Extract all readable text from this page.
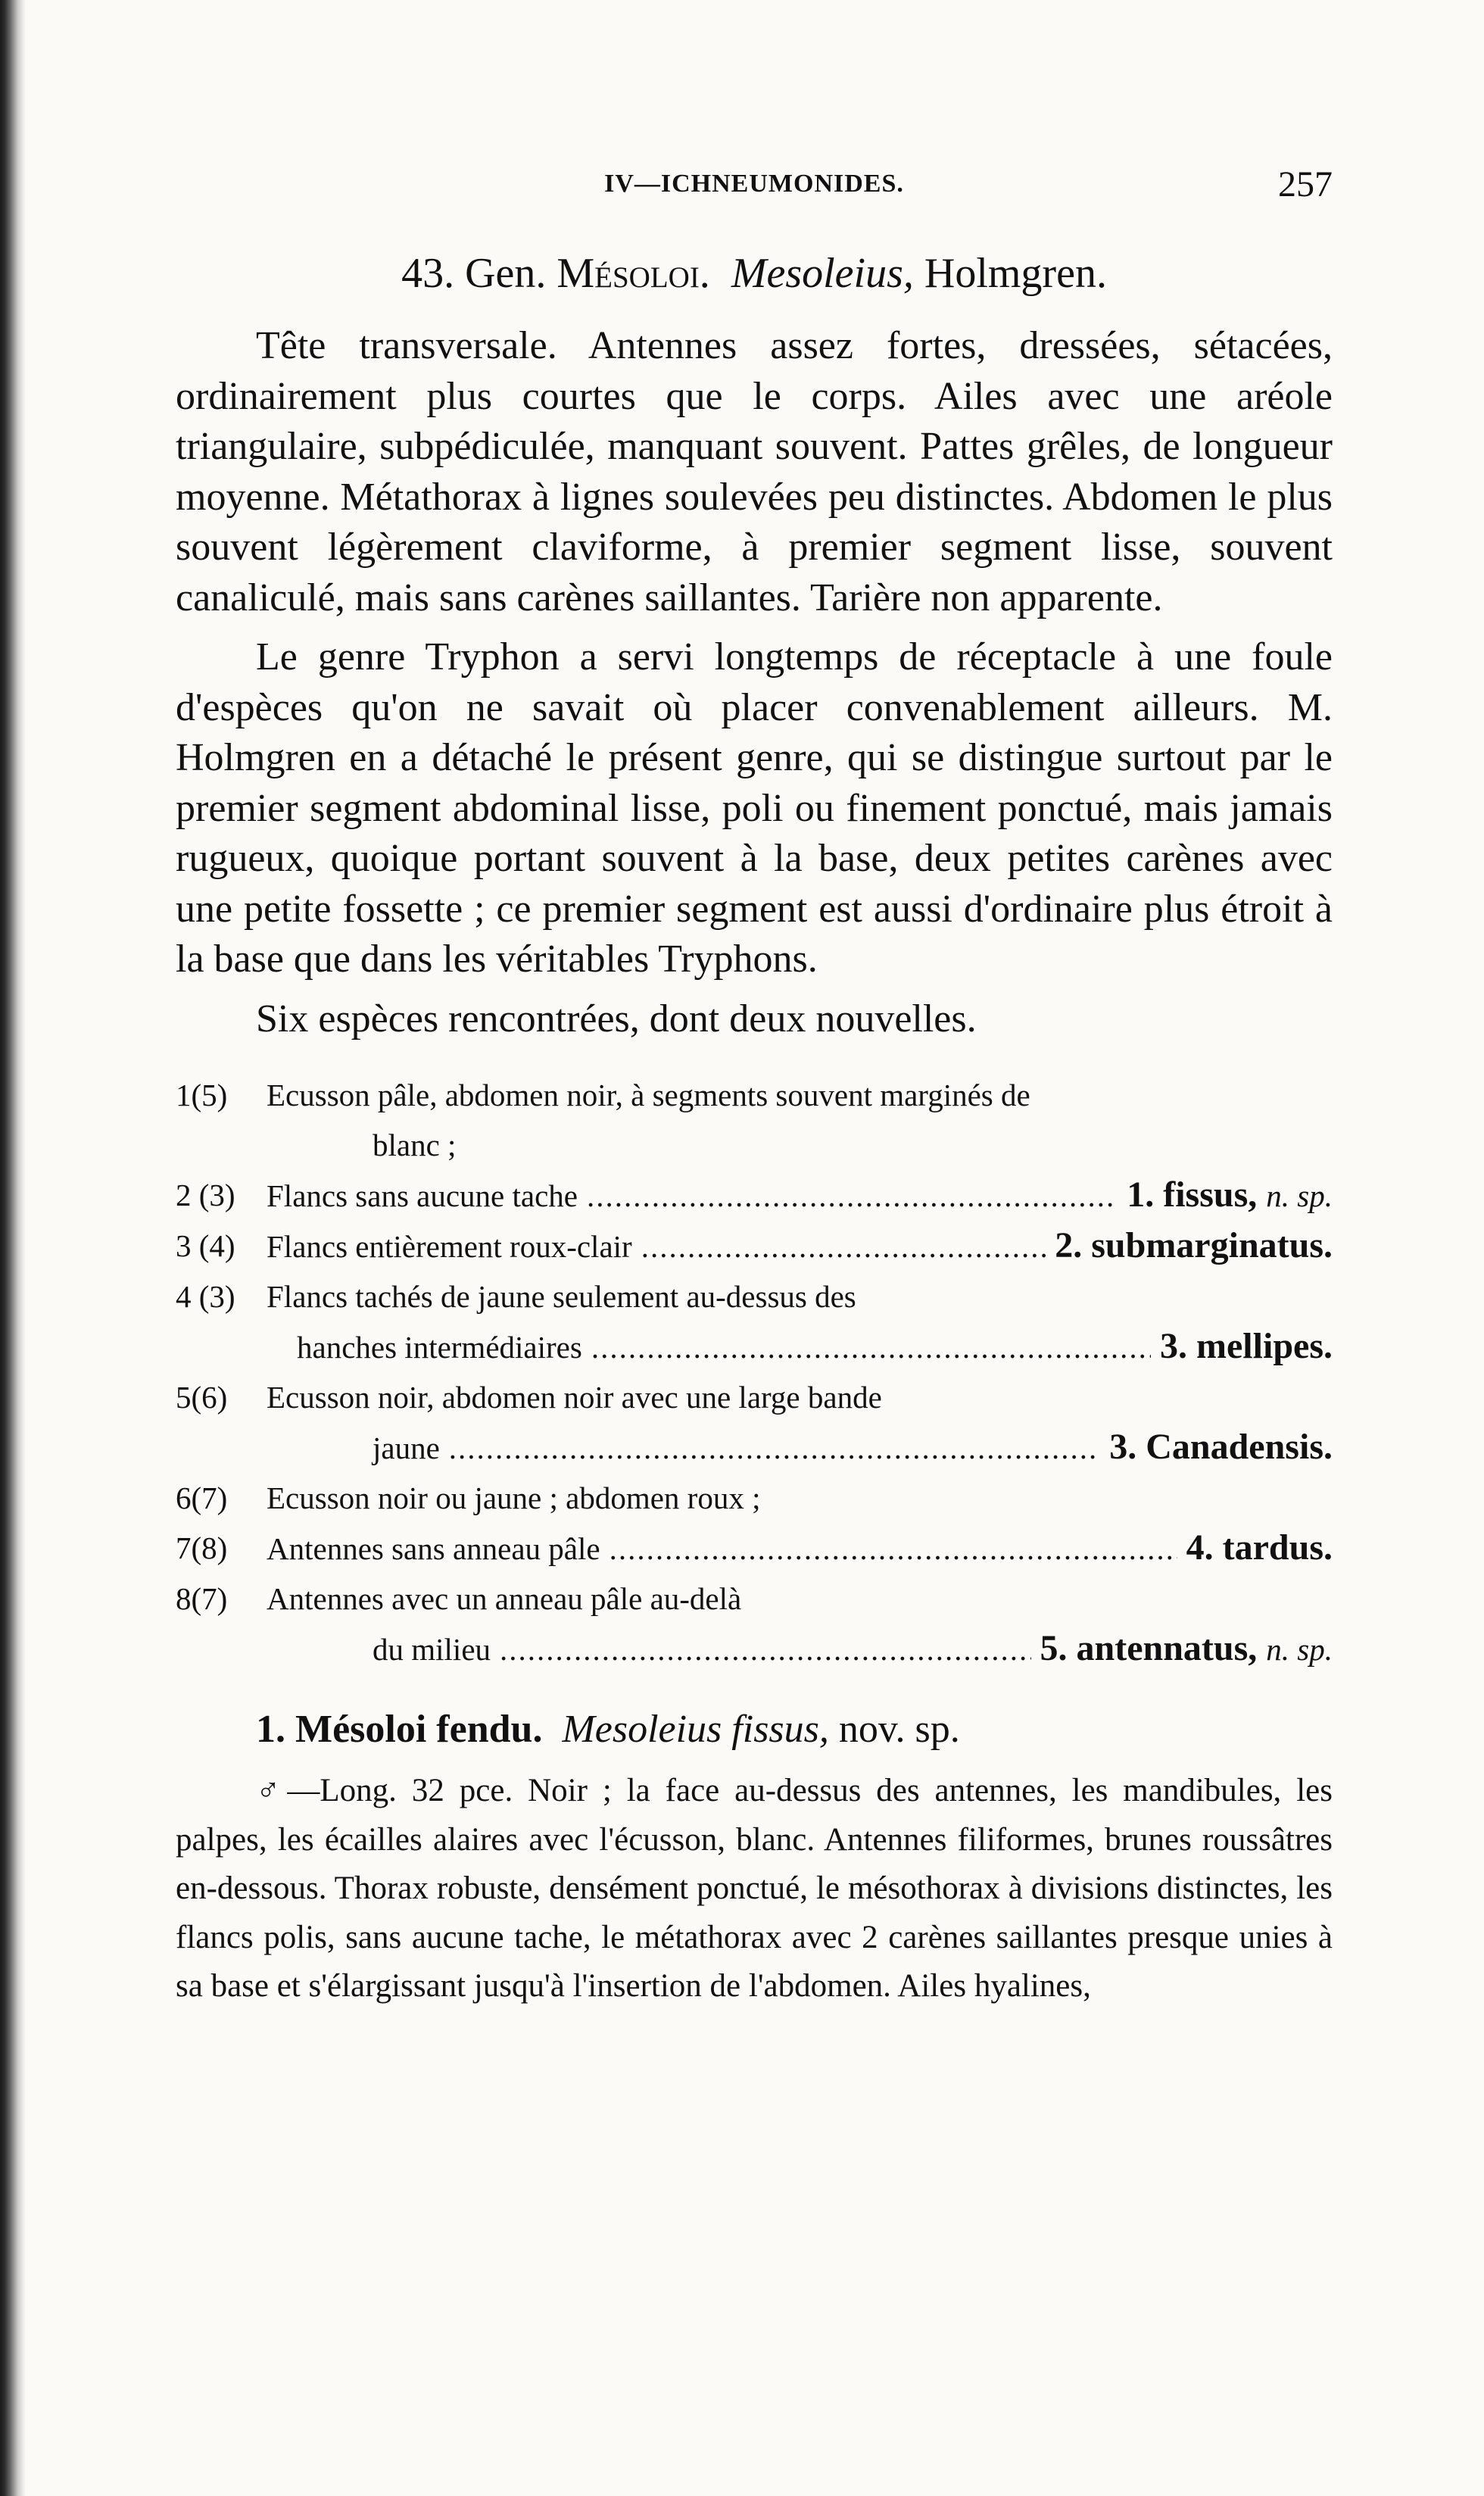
IV—ICHNEUMONIDES.	257
43. Gen. Mésoloi. Mesoleius, Holmgren.

Tête transversale. Antennes assez fortes, dressées, sétacées, ordinairement plus courtes que le corps. Ailes avec une aréole triangulaire, subpédiculée, manquant souvent. Pattes grêles, de longueur moyenne. Métathorax à lignes soulevées peu distinctes. Abdomen le plus souvent légèrement claviforme, à premier segment lisse, souvent canaliculé, mais sans carènes saillantes. Tarière non apparente.

Le genre Tryphon a servi longtemps de réceptacle à une foule d'espèces qu'on ne savait où placer convenablement ailleurs. M. Holmgren en a détaché le présent genre, qui se distingue surtout par le premier segment abdominal lisse, poli ou finement ponctué, mais jamais rugueux, quoique portant souvent à la base, deux petites carènes avec une petite fossette ; ce premier segment est aussi d'ordinaire plus étroit à la base que dans les véritables Tryphons.

Six espèces rencontrées, dont deux nouvelles.

1(5) Ecusson pâle, abdomen noir, à segments souvent marginés de
blanc ;
2 (3) Flancs sans aucune tache .....	1. fissus, n. sp.
3 (4) Flancs entièrement roux-clair .....	2. submarginatus.
4 (3) Flancs tachés de jaune seulement au-dessus des
hanches intermédiaires .....	3. mellipes.
5(6) Ecusson noir, abdomen noir avec une large bande
jaune .....	3. Canadensis.
6(7) Ecusson noir ou jaune ; abdomen roux ;
7(8) Antennes sans anneau pâle .....	4. tardus.
8(7) Antennes avec un anneau pâle au-delà
du milieu .....	5. antennatus, n. sp.
1. Mésoloi fendu. Mesoleius fissus, nov. sp.

♂—Long. 32 pce. Noir ; la face au-dessus des antennes, les mandibules, les palpes, les écailles alaires avec l'écusson, blanc. Antennes filiformes, brunes roussâtres en-dessous. Thorax robuste, densément ponctué, le mésothorax à divisions distinctes, les flancs polis, sans aucune tache, le métathorax avec 2 carènes saillantes presque unies à sa base et s'élargissant jusqu'à l'insertion de l'abdomen. Ailes hyalines,
